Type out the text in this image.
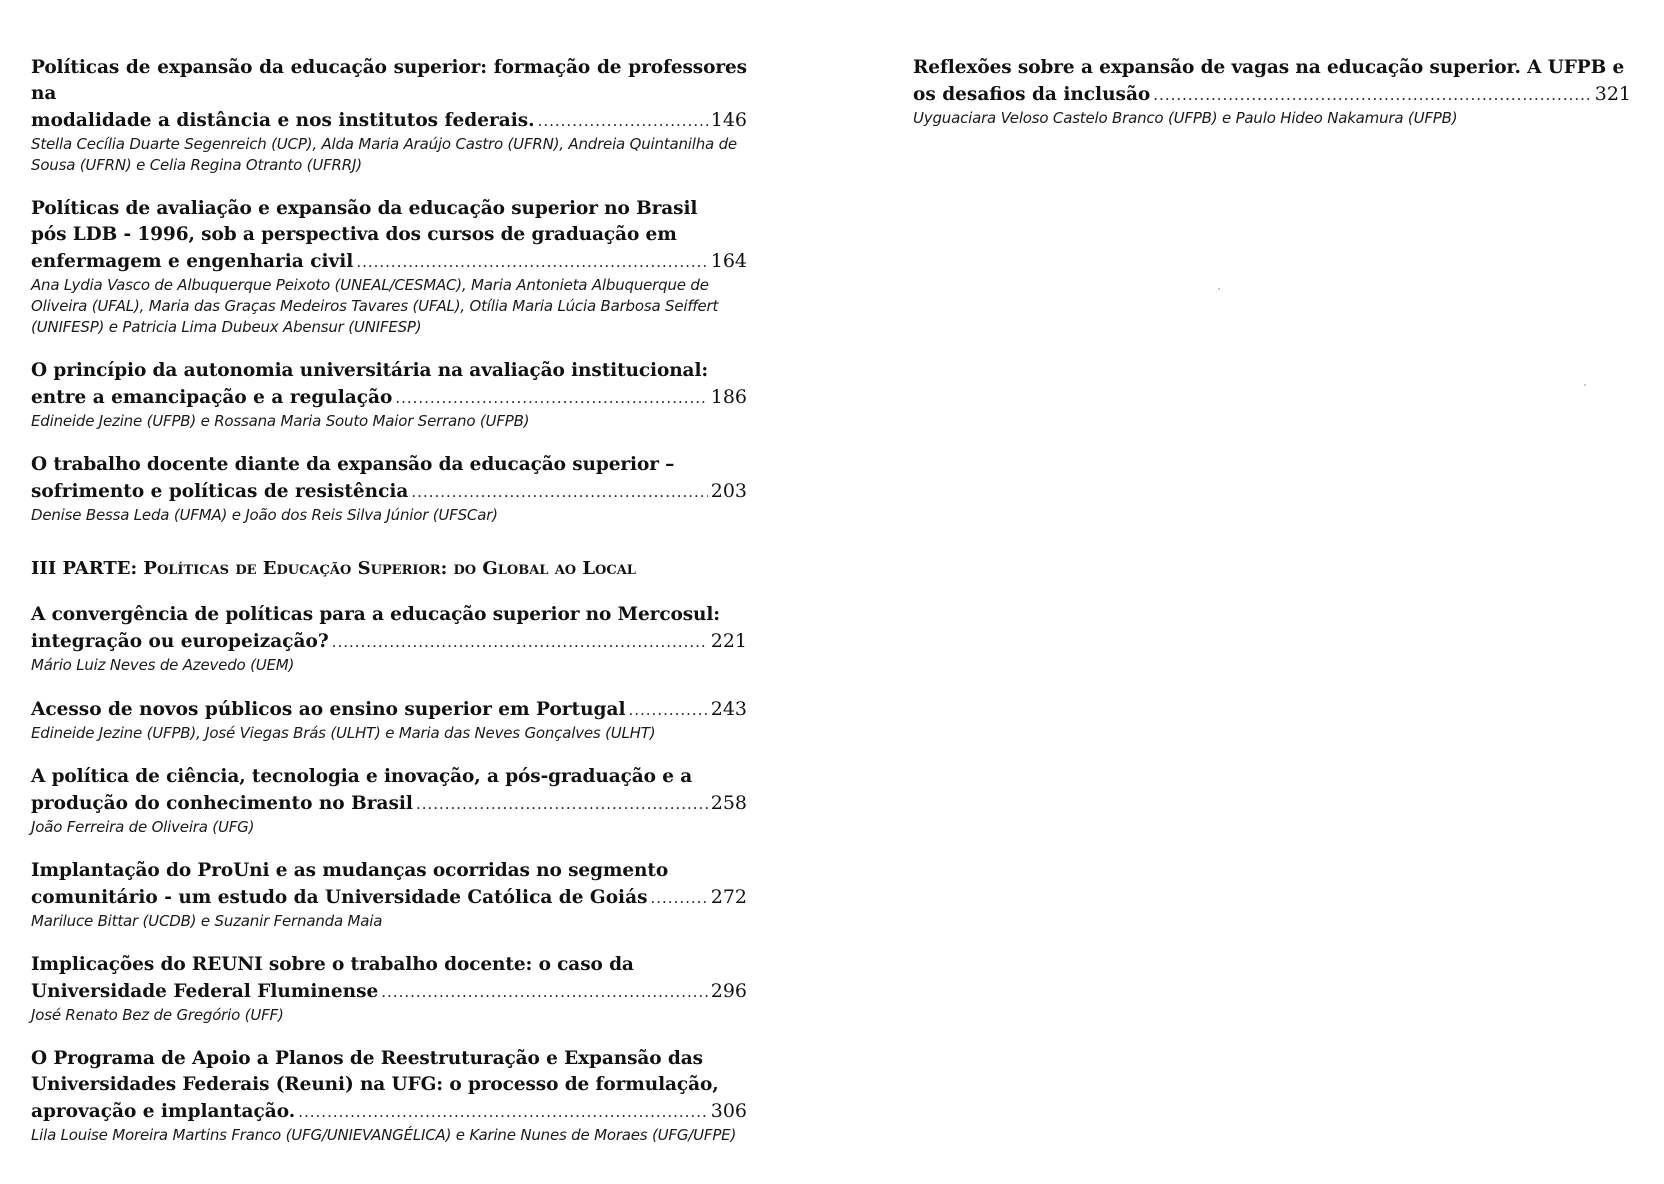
Políticas de expansão da educação superior: formação de professores na
modalidade a distância e nos institutos federais. .....	146
Stella Cecília Duarte Segenreich (UCP), Alda Maria Araújo Castro (UFRN), Andreia Quintanilha de Sousa (UFRN) e Celia Regina Otranto (UFRRJ)
Políticas de avaliação e expansão da educação superior no Brasil
pós LDB - 1996, sob a perspectiva dos cursos de graduação em
enfermagem e engenharia civil .....	164
Ana Lydia Vasco de Albuquerque Peixoto (UNEAL/CESMAC), Maria Antonieta Albuquerque de Oliveira (UFAL), Maria das Graças Medeiros Tavares (UFAL), Otília Maria Lúcia Barbosa Seiffert (UNIFESP) e Patricia Lima Dubeux Abensur (UNIFESP)
O princípio da autonomia universitária na avaliação institucional:
entre a emancipação e a regulação .....	186
Edineide Jezine (UFPB) e Rossana Maria Souto Maior Serrano (UFPB)
O trabalho docente diante da expansão da educação superior –
sofrimento e políticas de resistência .....	203
Denise Bessa Leda (UFMA) e João dos Reis Silva Júnior (UFSCar)
III PARTE: Políticas de Educação Superior: do Global ao Local
A convergência de políticas para a educação superior no Mercosul:
integração ou europeização? .....	221
Mário Luiz Neves de Azevedo (UEM)
Acesso de novos públicos ao ensino superior em Portugal .....	243
Edineide Jezine (UFPB), José Viegas Brás (ULHT) e Maria das Neves Gonçalves (ULHT)
A política de ciência, tecnologia e inovação, a pós-graduação e a
produção do conhecimento no Brasil .....	258
João Ferreira de Oliveira (UFG)
Implantação do ProUni e as mudanças ocorridas no segmento
comunitário - um estudo da Universidade Católica de Goiás .....	272
Mariluce Bittar (UCDB) e Suzanir Fernanda Maia
Implicações do REUNI sobre o trabalho docente: o caso da
Universidade Federal Fluminense .....	296
José Renato Bez de Gregório (UFF)
O Programa de Apoio a Planos de Reestruturação e Expansão das
Universidades Federais (Reuni) na UFG: o processo de formulação,
aprovação e implantação. .....	306
Lila Louise Moreira Martins Franco (UFG/UNIEVANGÉLICA) e Karine Nunes de Moraes (UFG/UFPE)
Reflexões sobre a expansão de vagas na educação superior. A UFPB e
os desafios da inclusão .....	321
Uyguaciara Veloso Castelo Branco (UFPB) e Paulo Hideo Nakamura (UFPB)
